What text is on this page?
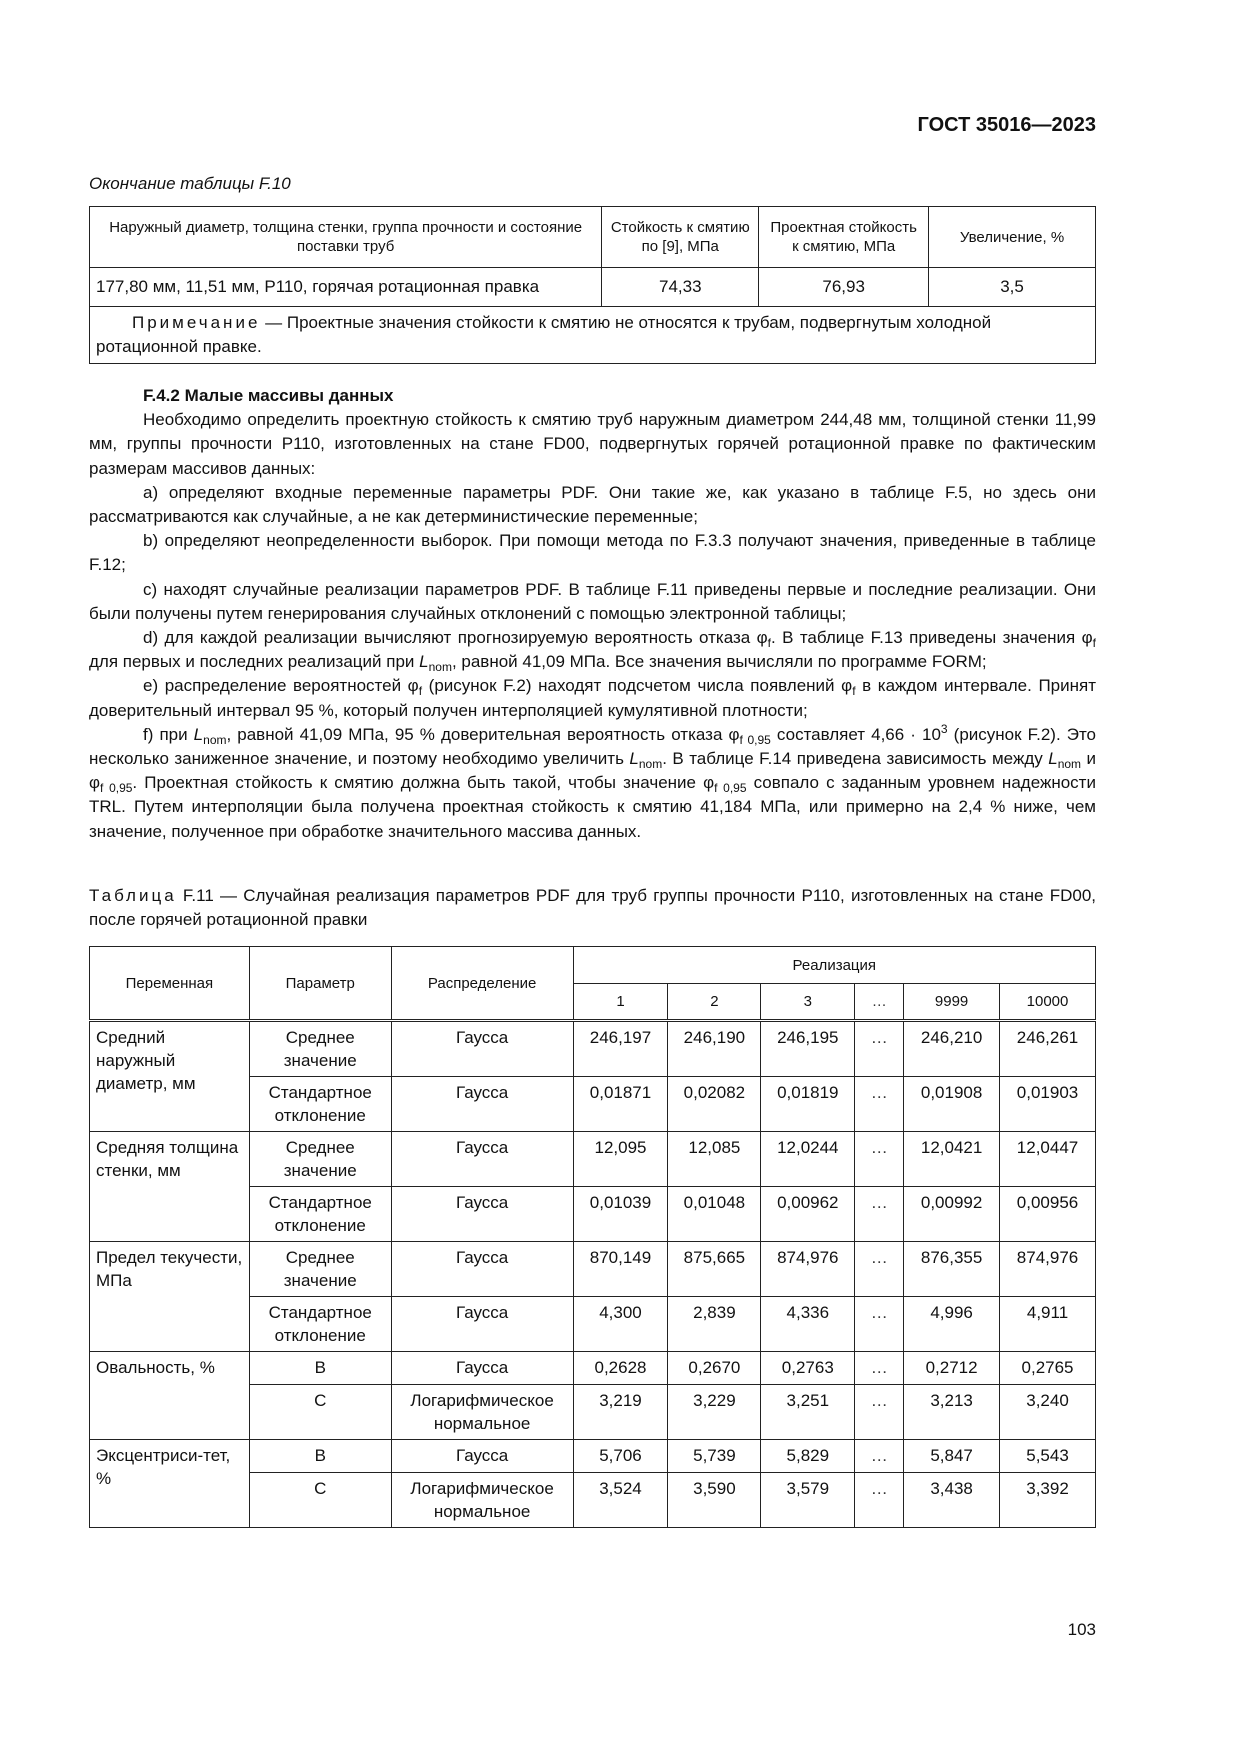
ГОСТ 35016—2023
Окончание таблицы F.10
Наружный диаметр, толщина стенки, группа прочности и состояние поставки труб	Стойкость к смятию по [9], МПа	Проектная стойкость к смятию, МПа	Увеличение, %
177,80 мм, 11,51 мм, P110, горячая ротационная правка	74,33	76,93	3,5
Примечание — Проектные значения стойкости к смятию не относятся к трубам, подвергнутым холодной ротационной правке.			
F.4.2 Малые массивы данных

Необходимо определить проектную стойкость к смятию труб наружным диаметром 244,48 мм, толщиной стенки 11,99 мм, группы прочности P110, изготовленных на стане FD00, подвергнутых горячей ротационной правке по фактическим размерам массивов данных:

a) определяют входные переменные параметры PDF. Они такие же, как указано в таблице F.5, но здесь они рассматриваются как случайные, а не как детерминистические переменные;

b) определяют неопределенности выборок. При помощи метода по F.3.3 получают значения, приведенные в таблице F.12;

c) находят случайные реализации параметров PDF. В таблице F.11 приведены первые и последние реализации. Они были получены путем генерирования случайных отклонений с помощью электронной таблицы;

d) для каждой реализации вычисляют прогнозируемую вероятность отказа $\varphi_f$. В таблице F.13 приведены значения $\varphi_f$ для первых и последних реализаций при $L_{nom}$, равной 41,09 МПа. Все значения вычисляли по программе FORM;

e) распределение вероятностей $\varphi_f$ (рисунок F.2) находят подсчетом числа появлений $\varphi_f$ в каждом интервале. Принят доверительный интервал 95 %, который получен интерполяцией кумулятивной плотности;

f) при $L_{nom}$, равной 41,09 МПа, 95 % доверительная вероятность отказа $\varphi_{f 0,95}$ составляет $4,66 \cdot 10^3$ (рисунок F.2). Это несколько заниженное значение, и поэтому необходимо увеличить $L_{nom}$. В таблице F.14 приведена зависимость между $L_{nom}$ и $\varphi_{f 0,95}$. Проектная стойкость к смятию должна быть такой, чтобы значение $\varphi_{f 0,95}$ совпало с заданным уровнем надежности TRL. Путем интерполяции была получена проектная стойкость к смятию 41,184 МПа, или примерно на 2,4 % ниже, чем значение, полученное при обработке значительного массива данных.

Таблица F.11 — Случайная реализация параметров PDF для труб группы прочности P110, изготовленных на стане FD00, после горячей ротационной правки
Переменная	Параметр	Распределение	Реализация					
			1	2	3	…	9999	10000
Средний наружный диаметр, мм	Среднее значение	Гаусса	246,197	246,190	246,195	…	246,210	246,261
	Стандартное отклонение	Гаусса	0,01871	0,02082	0,01819	…	0,01908	0,01903
Средняя толщина стенки, мм	Среднее значение	Гаусса	12,095	12,085	12,0244	…	12,0421	12,0447
	Стандартное отклонение	Гаусса	0,01039	0,01048	0,00962	…	0,00992	0,00956
Предел текучести, МПа	Среднее значение	Гаусса	870,149	875,665	874,976	…	876,355	874,976
	Стандартное отклонение	Гаусса	4,300	2,839	4,336	…	4,996	4,911
Овальность, %	B	Гаусса	0,2628	0,2670	0,2763	…	0,2712	0,2765
	C	Логарифмическое нормальное	3,219	3,229	3,251	…	3,213	3,240
Эксцентриси-тет, %	B	Гаусса	5,706	5,739	5,829	…	5,847	5,543
	C	Логарифмическое нормальное	3,524	3,590	3,579	…	3,438	3,392
103
